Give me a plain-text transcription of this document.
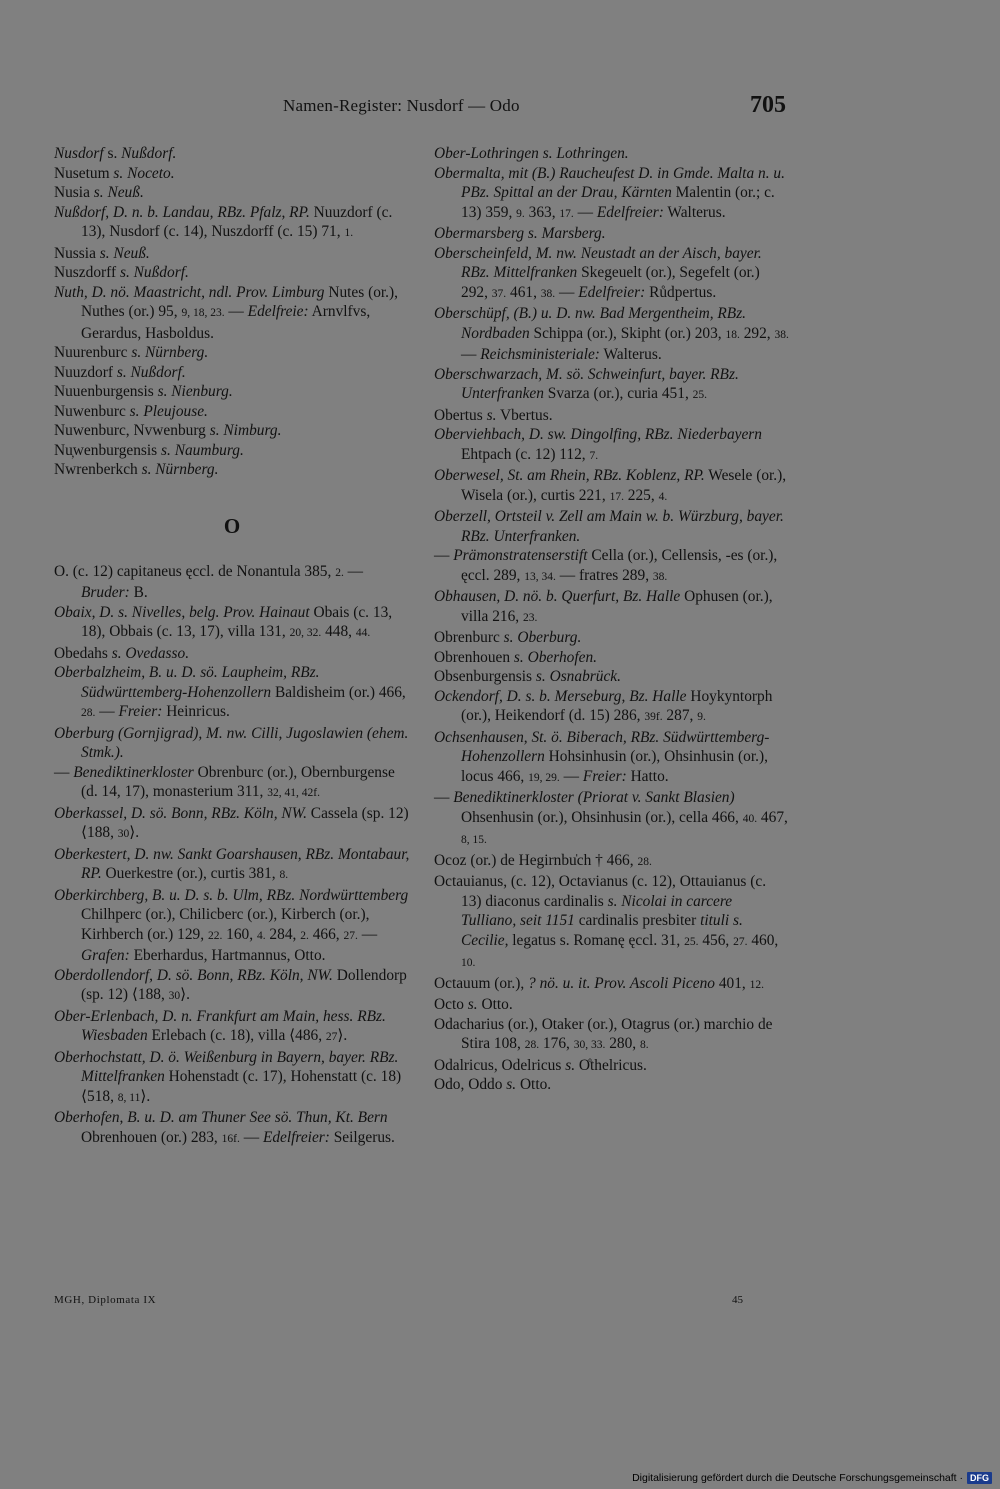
Namen-Register: Nusdorf — Odo	705

Nusdorf s. Nußdorf.

Nusetum s. Noceto.

Nusia s. Neuß.

Nußdorf, D. n. b. Landau, RBz. Pfalz, RP. Nuuzdorf (c. 13), Nusdorf (c. 14), Nuszdorff (c. 15) 71, 1.

Nussia s. Neuß.

Nuszdorff s. Nußdorf.

Nuth, D. nö. Maastricht, ndl. Prov. Limburg Nutes (or.), Nuthes (or.) 95, 9, 18, 23. — Edelfreie: Arnvlfvs, Gerardus, Hasboldus.

Nuurenburc s. Nürnberg.

Nuuzdorf s. Nußdorf.

Nuuenburgensis s. Nienburg.

Nuwenburc s. Pleujouse.

Nuwenburc, Nvwenburg s. Nimburg.

Nu̦wenburgensis s. Naumburg.

Nwrenberkch s. Nürnberg.

O

O. (c. 12) capitaneus ęccl. de Nonantula 385, 2. — Bruder: B.

Obaix, D. s. Nivelles, belg. Prov. Hainaut Obais (c. 13, 18), Obbais (c. 13, 17), villa 131, 20, 32. 448, 44.

Obedahs s. Ovedasso.

Oberbalzheim, B. u. D. sö. Laupheim, RBz. Südwürttemberg-Hohenzollern Baldisheim (or.) 466, 28. — Freier: Heinricus.

Oberburg (Gornjigrad), M. nw. Cilli, Jugoslawien (ehem. Stmk.).

— Benediktinerkloster Obrenburc (or.), Obernburgense (d. 14, 17), monasterium 311, 32, 41, 42f.

Oberkassel, D. sö. Bonn, RBz. Köln, NW. Cassela (sp. 12) ⟨188, 30⟩.

Oberkestert, D. nw. Sankt Goarshausen, RBz. Montabaur, RP. Ouerkestre (or.), curtis 381, 8.

Oberkirchberg, B. u. D. s. b. Ulm, RBz. Nordwürttemberg Chilhperc (or.), Chilicberc (or.), Kirberch (or.), Kirhberch (or.) 129, 22. 160, 4. 284, 2. 466, 27. — Grafen: Eberhardus, Hartmannus, Otto.

Oberdollendorf, D. sö. Bonn, RBz. Köln, NW. Dollendorp (sp. 12) ⟨188, 30⟩.

Ober-Erlenbach, D. n. Frankfurt am Main, hess. RBz. Wiesbaden Erlebach (c. 18), villa ⟨486, 27⟩.

Oberhochstatt, D. ö. Weißenburg in Bayern, bayer. RBz. Mittelfranken Hohenstadt (c. 17), Hohenstatt (c. 18) ⟨518, 8, 11⟩.

Oberhofen, B. u. D. am Thuner See sö. Thun, Kt. Bern Obrenhouen (or.) 283, 16f. — Edelfreier: Seilgerus.

Ober-Lothringen s. Lothringen.

Obermalta, mit (B.) Raucheufest D. in Gmde. Malta n. u. PBz. Spittal an der Drau, Kärnten Malentin (or.; c. 13) 359, 9. 363, 17. — Edelfreier: Walterus.

Obermarsberg s. Marsberg.

Oberscheinfeld, M. nw. Neustadt an der Aisch, bayer. RBz. Mittelfranken Skegeuelt (or.), Segefelt (or.) 292, 37. 461, 38. — Edelfreier: Růdpertus.

Oberschüpf, (B.) u. D. nw. Bad Mergentheim, RBz. Nordbaden Schippa (or.), Skipht (or.) 203, 18. 292, 38. — Reichsministeriale: Walterus.

Oberschwarzach, M. sö. Schweinfurt, bayer. RBz. Unterfranken Svarza (or.), curia 451, 25.

Obertus s. Vbertus.

Oberviehbach, D. sw. Dingolfing, RBz. Niederbayern Ehtpach (c. 12) 112, 7.

Oberwesel, St. am Rhein, RBz. Koblenz, RP. Wesele (or.), Wisela (or.), curtis 221, 17. 225, 4.

Oberzell, Ortsteil v. Zell am Main w. b. Würzburg, bayer. RBz. Unterfranken.

— Prämonstratenserstift Cella (or.), Cellensis, -es (or.), ęccl. 289, 13, 34. — fratres 289, 38.

Obhausen, D. nö. b. Querfurt, Bz. Halle Ophusen (or.), villa 216, 23.

Obrenburc s. Oberburg.

Obrenhouen s. Oberhofen.

Obsenburgensis s. Osnabrück.

Ockendorf, D. s. b. Merseburg, Bz. Halle Hoykyntorph (or.), Heikendorf (d. 15) 286, 39f. 287, 9.

Ochsenhausen, St. ö. Biberach, RBz. Südwürttemberg-Hohenzollern Hohsinhusin (or.), Ohsinhusin (or.), locus 466, 19, 29. — Freier: Hatto.

— Benediktinerkloster (Priorat v. Sankt Blasien) Ohsenhusin (or.), Ohsinhusin (or.), cella 466, 40. 467, 8, 15.

Ocoz (or.) de Hegirnbu̍ch † 466, 28.

Octauianus, (c. 12), Octavianus (c. 12), Ottauianus (c. 13) diaconus cardinalis s. Nicolai in carcere Tulliano, seit 1151 cardinalis presbiter tituli s. Cecilie, legatus s. Romanę ęccl. 31, 25. 456, 27. 460, 10.

Octauum (or.), ? nö. u. it. Prov. Ascoli Piceno 401, 12.

Octo s. Otto.

Odacharius (or.), Otaker (or.), Otagrus (or.) marchio de Stira 108, 28. 176, 30, 33. 280, 8.

Odalricus, Odelricus s. O̊thelricus.

Odo, Oddo s. Otto.

MGH, Diplomata IX	45
Digitalisierung gefördert durch die Deutsche Forschungsgemeinschaft · DFG
